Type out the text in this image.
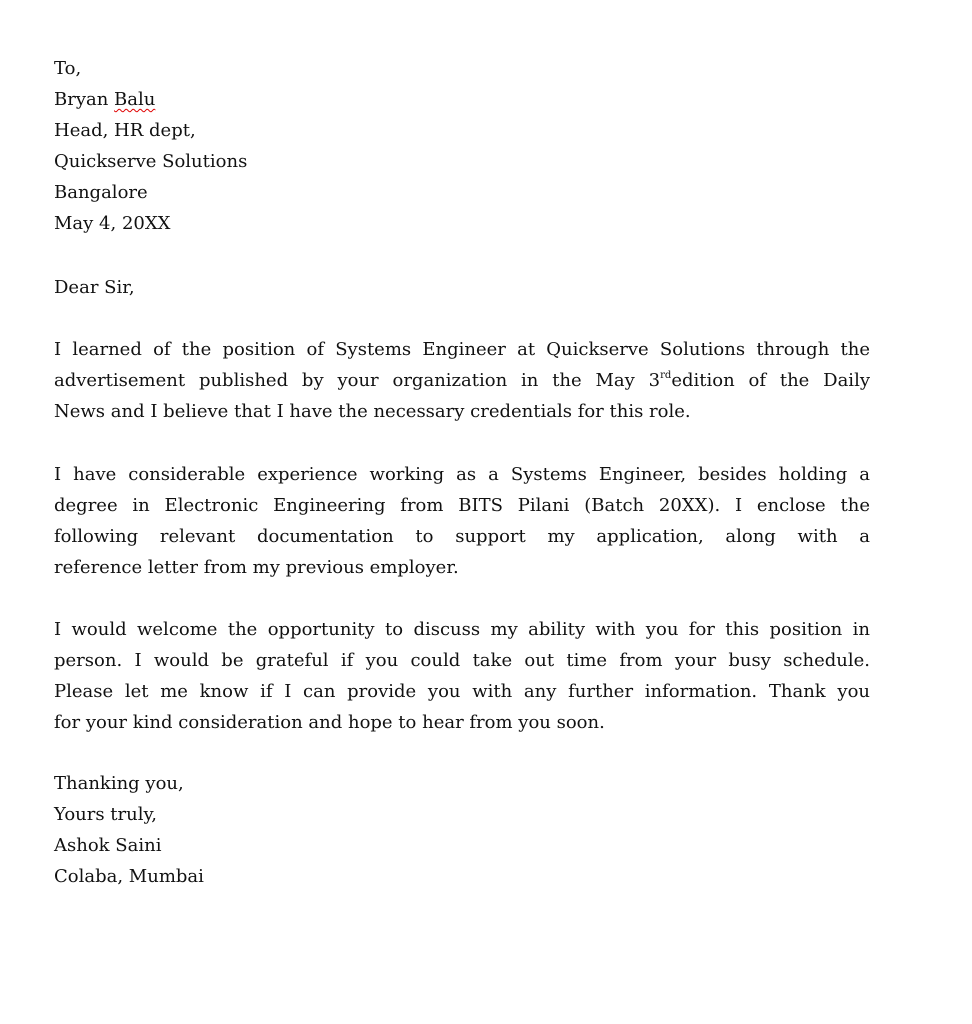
To,
Bryan Balu
Head, HR dept,
Quickserve Solutions
Bangalore
May 4, 20XX
Dear Sir,
I learned of the position of Systems Engineer at Quickserve Solutions through the
advertisement published by your organization in the May 3rdedition of the Daily
News and I believe that I have the necessary credentials for this role.
I have considerable experience working as a Systems Engineer, besides holding a
degree in Electronic Engineering from BITS Pilani (Batch 20XX). I enclose the
following relevant documentation to support my application, along with a
reference letter from my previous employer.
I would welcome the opportunity to discuss my ability with you for this position in
person. I would be grateful if you could take out time from your busy schedule.
Please let me know if I can provide you with any further information. Thank you
for your kind consideration and hope to hear from you soon.
Thanking you,
Yours truly,
Ashok Saini
Colaba, Mumbai
